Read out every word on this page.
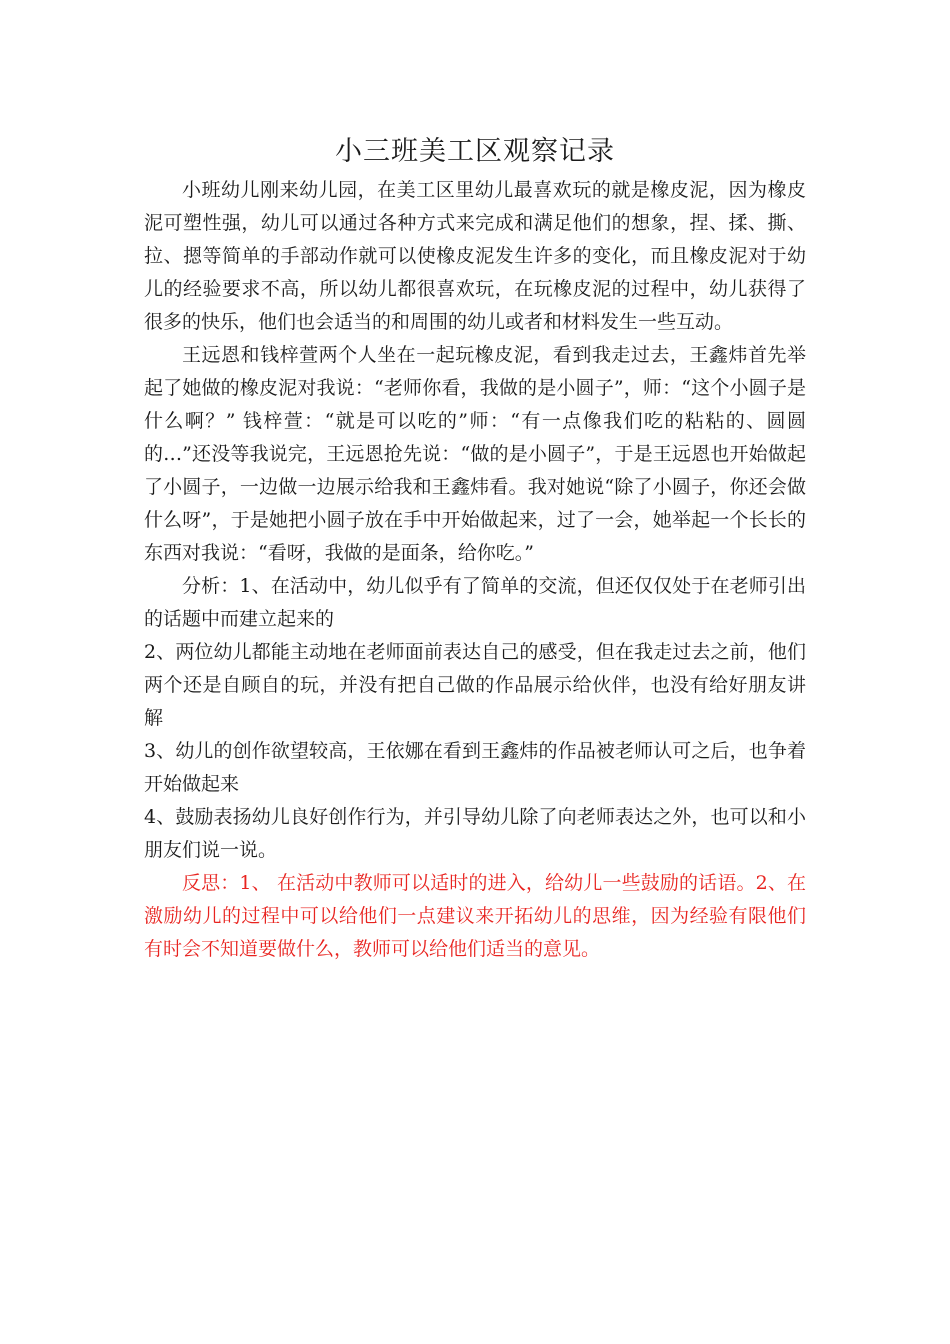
小三班美工区观察记录

小班幼儿刚来幼儿园，在美工区里幼儿最喜欢玩的就是橡皮泥，因为橡皮泥可塑性强，幼儿可以通过各种方式来完成和满足他们的想象，捏、揉、撕、拉、摁等简单的手部动作就可以使橡皮泥发生许多的变化，而且橡皮泥对于幼儿的经验要求不高，所以幼儿都很喜欢玩，在玩橡皮泥的过程中，幼儿获得了很多的快乐，他们也会适当的和周围的幼儿或者和材料发生一些互动。

王远恩和钱梓萱两个人坐在一起玩橡皮泥，看到我走过去，王鑫炜首先举起了她做的橡皮泥对我说：“老师你看，我做的是小圆子”，师：“这个小圆子是什么啊？” 钱梓萱：“就是可以吃的”师：“有一点像我们吃的粘粘的、圆圆的…”还没等我说完，王远恩抢先说：“做的是小圆子”，于是王远恩也开始做起了小圆子，一边做一边展示给我和王鑫炜看。我对她说“除了小圆子，你还会做什么呀”，于是她把小圆子放在手中开始做起来，过了一会，她举起一个长长的东西对我说：“看呀，我做的是面条，给你吃。”

分析：1、在活动中，幼儿似乎有了简单的交流，但还仅仅处于在老师引出的话题中而建立起来的

2、两位幼儿都能主动地在老师面前表达自己的感受，但在我走过去之前，他们两个还是自顾自的玩，并没有把自己做的作品展示给伙伴，也没有给好朋友讲解

3、幼儿的创作欲望较高，王依娜在看到王鑫炜的作品被老师认可之后，也争着开始做起来

4、鼓励表扬幼儿良好创作行为，并引导幼儿除了向老师表达之外，也可以和小朋友们说一说。

反思：1、 在活动中教师可以适时的进入，给幼儿一些鼓励的话语。2、在激励幼儿的过程中可以给他们一点建议来开拓幼儿的思维，因为经验有限他们有时会不知道要做什么，教师可以给他们适当的意见。
